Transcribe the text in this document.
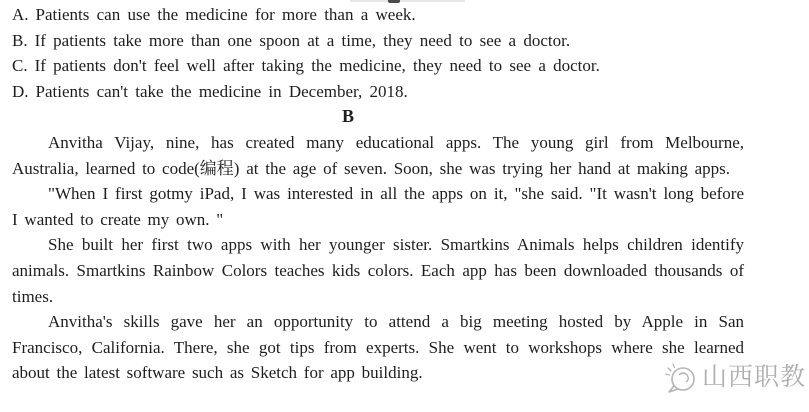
A. Patients can use the medicine for more than a week.
B. If patients take more than one spoon at a time, they need to see a doctor.
C. If patients don't feel well after taking the medicine, they need to see a doctor.
D. Patients can't take the medicine in December, 2018.
B

Anvitha Vijay, nine, has created many educational apps. The young girl from Melbourne, Australia, learned to code(编程) at the age of seven. Soon, she was trying her hand at making apps.

"When I first gotmy iPad, I was interested in all the apps on it, "she said. "It wasn't long before I wanted to create my own. "

She built her first two apps with her younger sister. Smartkins Animals helps children identify animals. Smartkins Rainbow Colors teaches kids colors. Each app has been downloaded thousands of times.

Anvitha's skills gave her an opportunity to attend a big meeting hosted by Apple in San Francisco, California. There, she got tips from experts. She went to workshops where she learned about the latest software such as Sketch for app building.	山西职教
